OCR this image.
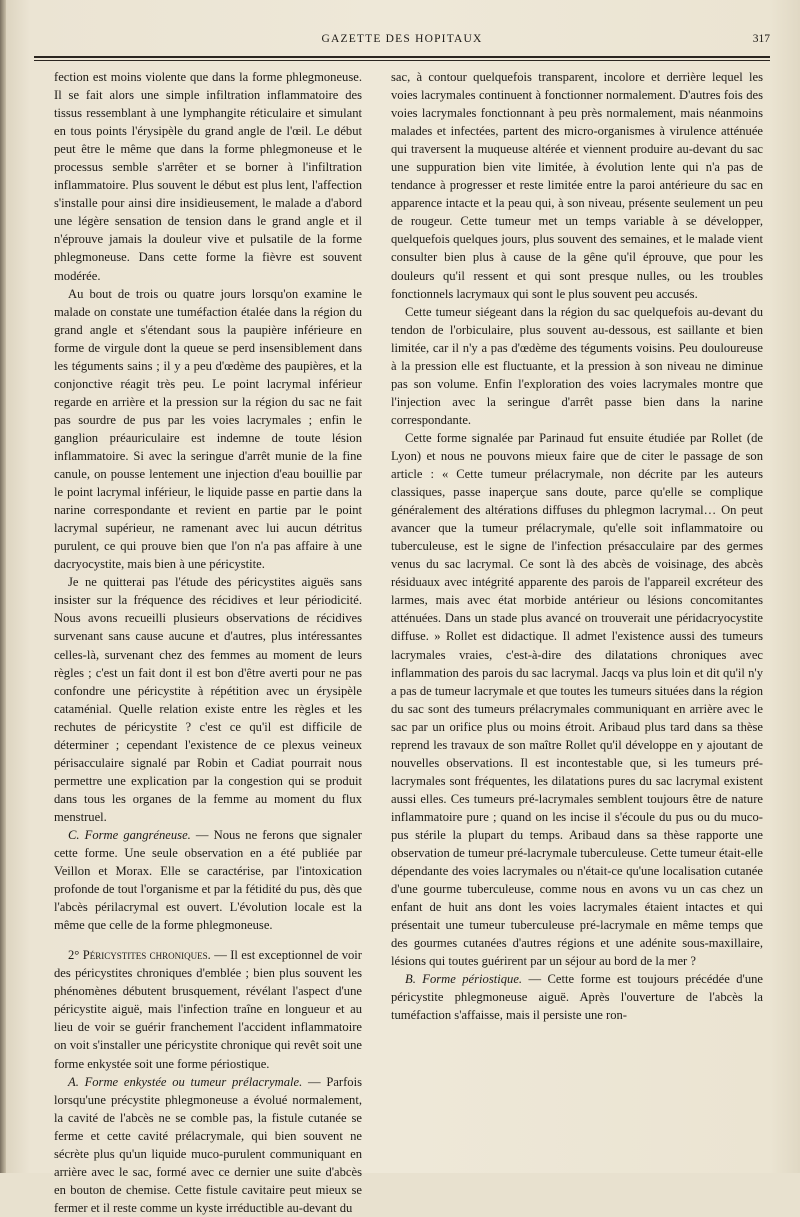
GAZETTE DES HOPITAUX	317

fection est moins violente que dans la forme phlegmoneuse. Il se fait alors une simple infiltration inflammatoire des tissus ressemblant à une lymphangite réticulaire et simulant en tous points l'érysipèle du grand angle de l'œil. Le début peut être le même que dans la forme phlegmoneuse et le processus semble s'arrêter et se borner à l'infiltration inflammatoire. Plus souvent le début est plus lent, l'affection s'installe pour ainsi dire insidieusement, le malade a d'abord une légère sensation de tension dans le grand angle et il n'éprouve jamais la douleur vive et pulsatile de la forme phlegmoneuse. Dans cette forme la fièvre est souvent modérée.

Au bout de trois ou quatre jours lorsqu'on examine le malade on constate une tuméfaction étalée dans la région du grand angle et s'étendant sous la paupière inférieure en forme de virgule dont la queue se perd insensiblement dans les téguments sains ; il y a peu d'œdème des paupières, et la conjonctive réagit très peu. Le point lacrymal inférieur regarde en arrière et la pression sur la région du sac ne fait pas sourdre de pus par les voies lacrymales ; enfin le ganglion préauriculaire est indemne de toute lésion inflammatoire. Si avec la seringue d'arrêt munie de la fine canule, on pousse lentement une injection d'eau bouillie par le point lacrymal inférieur, le liquide passe en partie dans la narine correspondante et revient en partie par le point lacrymal supérieur, ne ramenant avec lui aucun détritus purulent, ce qui prouve bien que l'on n'a pas affaire à une dacryocystite, mais bien à une péricystite.

Je ne quitterai pas l'étude des péricystites aiguës sans insister sur la fréquence des récidives et leur périodicité. Nous avons recueilli plusieurs observations de récidives survenant sans cause aucune et d'autres, plus intéressantes celles-là, survenant chez des femmes au moment de leurs règles ; c'est un fait dont il est bon d'être averti pour ne pas confondre une péricystite à répétition avec un érysipèle cataménial. Quelle relation existe entre les règles et les rechutes de péricystite ? c'est ce qu'il est difficile de déterminer ; cependant l'existence de ce plexus veineux périsacculaire signalé par Robin et Cadiat pourrait nous permettre une explication par la congestion qui se produit dans tous les organes de la femme au moment du flux menstruel.

C. Forme gangréneuse. — Nous ne ferons que signaler cette forme. Une seule observation en a été publiée par Veillon et Morax. Elle se caractérise, par l'intoxication profonde de tout l'organisme et par la fétidité du pus, dès que l'abcès périlacrymal est ouvert. L'évolution locale est la même que celle de la forme phlegmoneuse.

2° Péricystites chroniques. — Il est exceptionnel de voir des péricystites chroniques d'emblée ; bien plus souvent les phénomènes débutent brusquement, révélant l'aspect d'une péricystite aiguë, mais l'infection traîne en longueur et au lieu de voir se guérir franchement l'accident inflammatoire on voit s'installer une péricystite chronique qui revêt soit une forme enkystée soit une forme périostique.

A. Forme enkystée ou tumeur prélacrymale. — Parfois lorsqu'une précystite phlegmoneuse a évolué normalement, la cavité de l'abcès ne se comble pas, la fistule cutanée se ferme et cette cavité prélacrymale, qui bien souvent ne sécrète plus qu'un liquide muco-purulent communiquant en arrière avec le sac, formé avec ce dernier une suite d'abcès en bouton de chemise. Cette fistule cavitaire peut mieux se fermer et il reste comme un kyste irréductible au-devant du

sac, à contour quelquefois transparent, incolore et derrière lequel les voies lacrymales continuent à fonctionner normalement. D'autres fois des voies lacrymales fonctionnant à peu près normalement, mais néanmoins malades et infectées, partent des micro-organismes à virulence atténuée qui traversent la muqueuse altérée et viennent produire au-devant du sac une suppuration bien vite limitée, à évolution lente qui n'a pas de tendance à progresser et reste limitée entre la paroi antérieure du sac en apparence intacte et la peau qui, à son niveau, présente seulement un peu de rougeur. Cette tumeur met un temps variable à se développer, quelquefois quelques jours, plus souvent des semaines, et le malade vient consulter bien plus à cause de la gêne qu'il éprouve, que pour les douleurs qu'il ressent et qui sont presque nulles, ou les troubles fonctionnels lacrymaux qui sont le plus souvent peu accusés.

Cette tumeur siégeant dans la région du sac quelquefois au-devant du tendon de l'orbiculaire, plus souvent au-dessous, est saillante et bien limitée, car il n'y a pas d'œdème des téguments voisins. Peu douloureuse à la pression elle est fluctuante, et la pression à son niveau ne diminue pas son volume. Enfin l'exploration des voies lacrymales montre que l'injection avec la seringue d'arrêt passe bien dans la narine correspondante.

Cette forme signalée par Parinaud fut ensuite étudiée par Rollet (de Lyon) et nous ne pouvons mieux faire que de citer le passage de son article : « Cette tumeur prélacrymale, non décrite par les auteurs classiques, passe inaperçue sans doute, parce qu'elle se complique généralement des altérations diffuses du phlegmon lacrymal… On peut avancer que la tumeur prélacrymale, qu'elle soit inflammatoire ou tuberculeuse, est le signe de l'infection présacculaire par des germes venus du sac lacrymal. Ce sont là des abcès de voisinage, des abcès résiduaux avec intégrité apparente des parois de l'appareil excréteur des larmes, mais avec état morbide antérieur ou lésions concomitantes atténuées. Dans un stade plus avancé on trouverait une péridacryocystite diffuse. » Rollet est didactique. Il admet l'existence aussi des tumeurs lacrymales vraies, c'est-à-dire des dilatations chroniques avec inflammation des parois du sac lacrymal. Jacqs va plus loin et dit qu'il n'y a pas de tumeur lacrymale et que toutes les tumeurs situées dans la région du sac sont des tumeurs prélacrymales communiquant en arrière avec le sac par un orifice plus ou moins étroit. Aribaud plus tard dans sa thèse reprend les travaux de son maître Rollet qu'il développe en y ajoutant de nouvelles observations. Il est incontestable que, si les tumeurs pré-lacrymales sont fréquentes, les dilatations pures du sac lacrymal existent aussi elles. Ces tumeurs pré-lacrymales semblent toujours être de nature inflammatoire pure ; quand on les incise il s'écoule du pus ou du muco-pus stérile la plupart du temps. Aribaud dans sa thèse rapporte une observation de tumeur pré-lacrymale tuberculeuse. Cette tumeur était-elle dépendante des voies lacrymales ou n'était-ce qu'une localisation cutanée d'une gourme tuberculeuse, comme nous en avons vu un cas chez un enfant de huit ans dont les voies lacrymales étaient intactes et qui présentait une tumeur tuberculeuse pré-lacrymale en même temps que des gourmes cutanées d'autres régions et une adénite sous-maxillaire, lésions qui toutes guérirent par un séjour au bord de la mer ?

B. Forme périostique. — Cette forme est toujours précédée d'une péricystite phlegmoneuse aiguë. Après l'ouverture de l'abcès la tuméfaction s'affaisse, mais il persiste une ron-
